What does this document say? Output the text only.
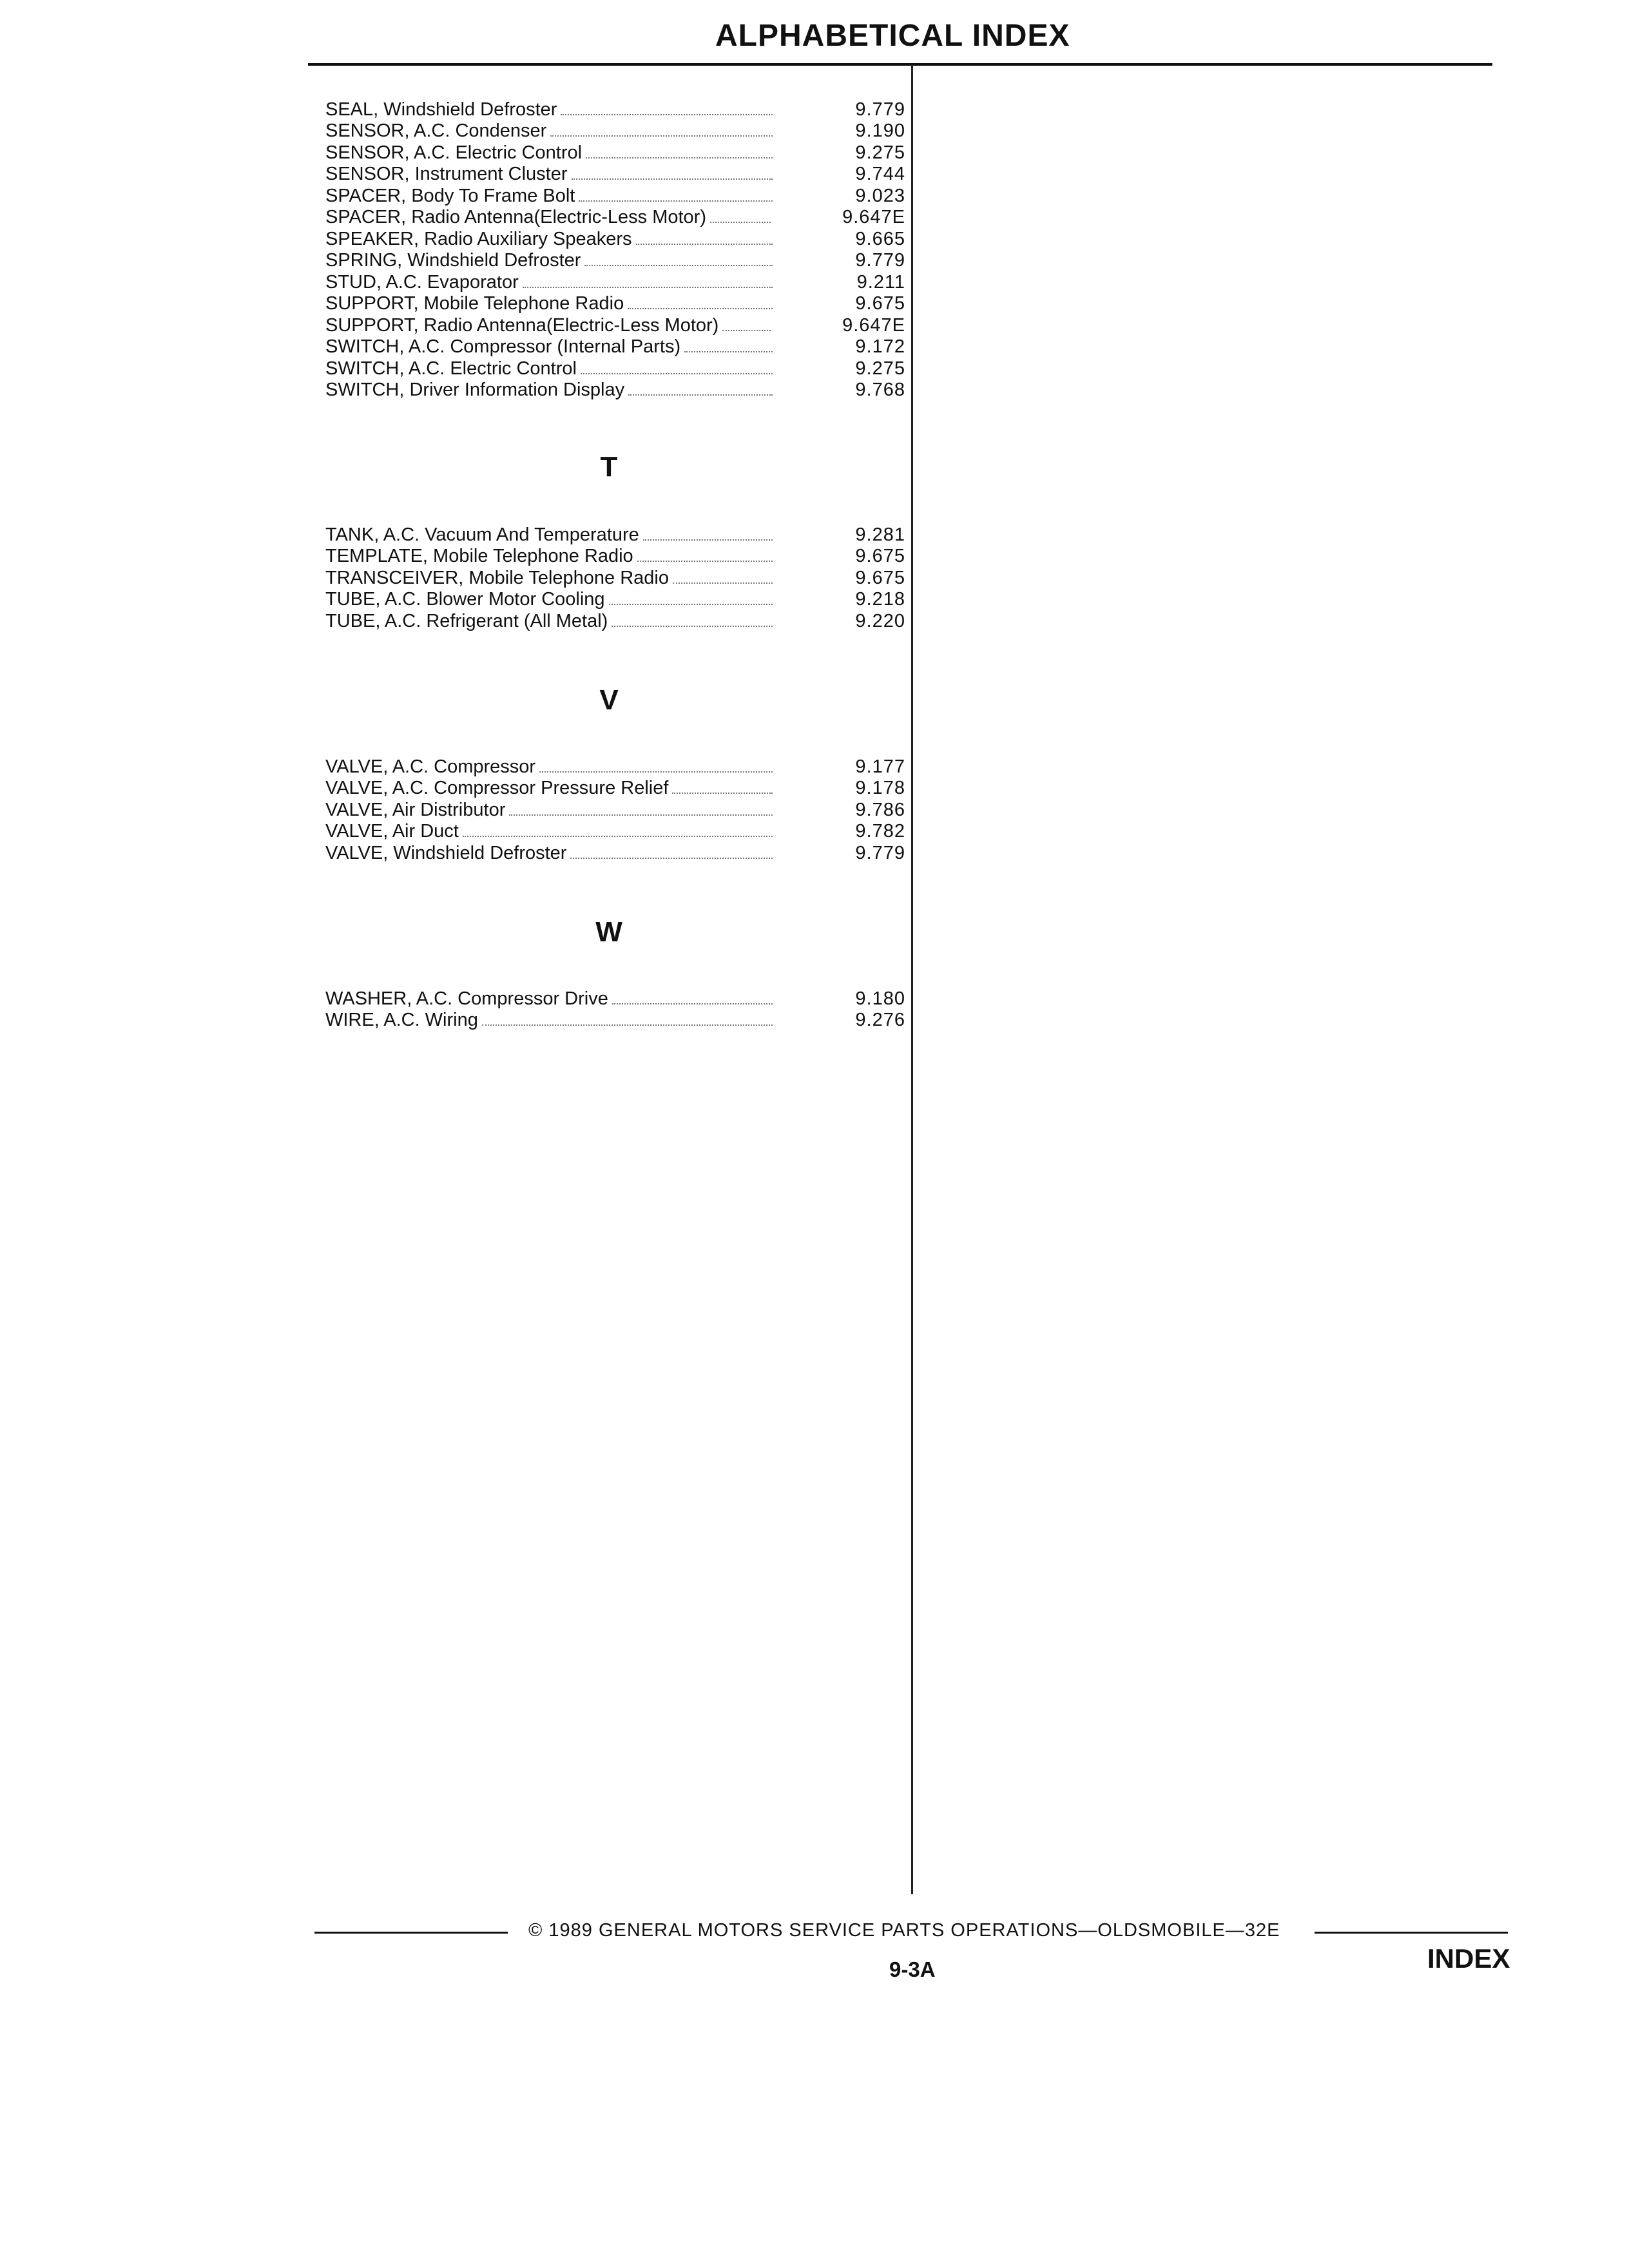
ALPHABETICAL INDEX
SEAL, Windshield Defroster	9.779
SENSOR, A.C. Condenser	9.190
SENSOR, A.C. Electric Control	9.275
SENSOR, Instrument Cluster	9.744
SPACER, Body To Frame Bolt	9.023
SPACER, Radio Antenna(Electric-Less Motor)	9.647E
SPEAKER, Radio Auxiliary Speakers	9.665
SPRING, Windshield Defroster	9.779
STUD, A.C. Evaporator	9.211
SUPPORT, Mobile Telephone Radio	9.675
SUPPORT, Radio Antenna(Electric-Less Motor)	9.647E
SWITCH, A.C. Compressor (Internal Parts)	9.172
SWITCH, A.C. Electric Control	9.275
SWITCH, Driver Information Display	9.768
T
TANK, A.C. Vacuum And Temperature	9.281
TEMPLATE, Mobile Telephone Radio	9.675
TRANSCEIVER, Mobile Telephone Radio	9.675
TUBE, A.C. Blower Motor Cooling	9.218
TUBE, A.C. Refrigerant (All Metal)	9.220
V
VALVE, A.C. Compressor	9.177
VALVE, A.C. Compressor Pressure Relief	9.178
VALVE, Air Distributor	9.786
VALVE, Air Duct	9.782
VALVE, Windshield Defroster	9.779
W
WASHER, A.C. Compressor Drive	9.180
WIRE, A.C. Wiring	9.276
© 1989 GENERAL MOTORS SERVICE PARTS OPERATIONS—OLDSMOBILE—32E
9-3A	INDEX
